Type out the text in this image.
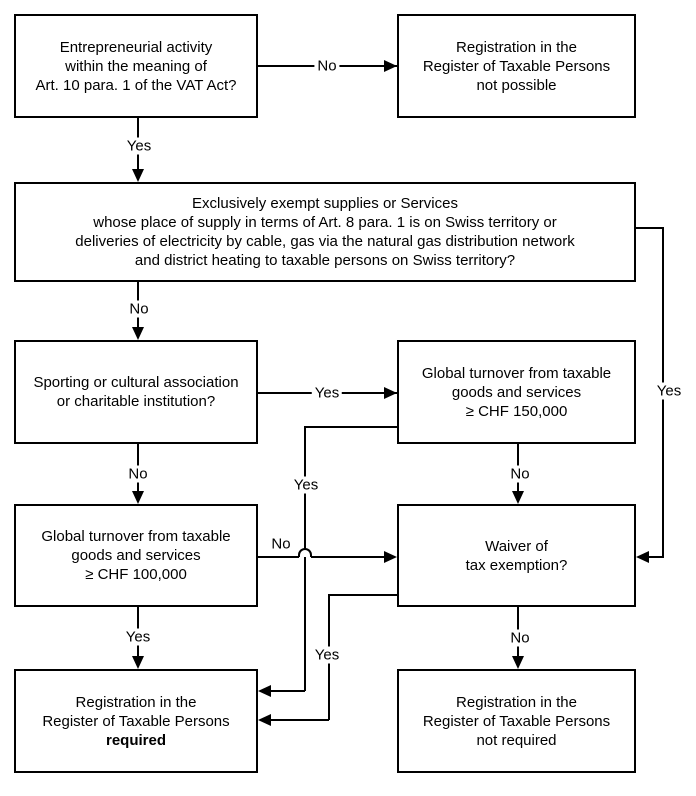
Entrepreneurial activity
within the meaning of
Art. 10 para. 1 of the VAT Act?
Registration in the
Register of Taxable Persons
not possible
Exclusively exempt supplies or Services
whose place of supply in terms of Art. 8 para. 1 is on Swiss territory or
deliveries of electricity by cable, gas via the natural gas distribution network
and district heating to taxable persons on Swiss territory?
Sporting or cultural association
or charitable institution?
Global turnover from taxable
goods and services
≥ CHF 150,000
Global turnover from taxable
goods and services
≥ CHF 100,000
Waiver of
tax exemption?
Registration in the
Register of Taxable Persons
required
Registration in the
Register of Taxable Persons
not required
No
Yes
No
Yes
Yes
No	No
Yes
No
Yes
Yes
No
